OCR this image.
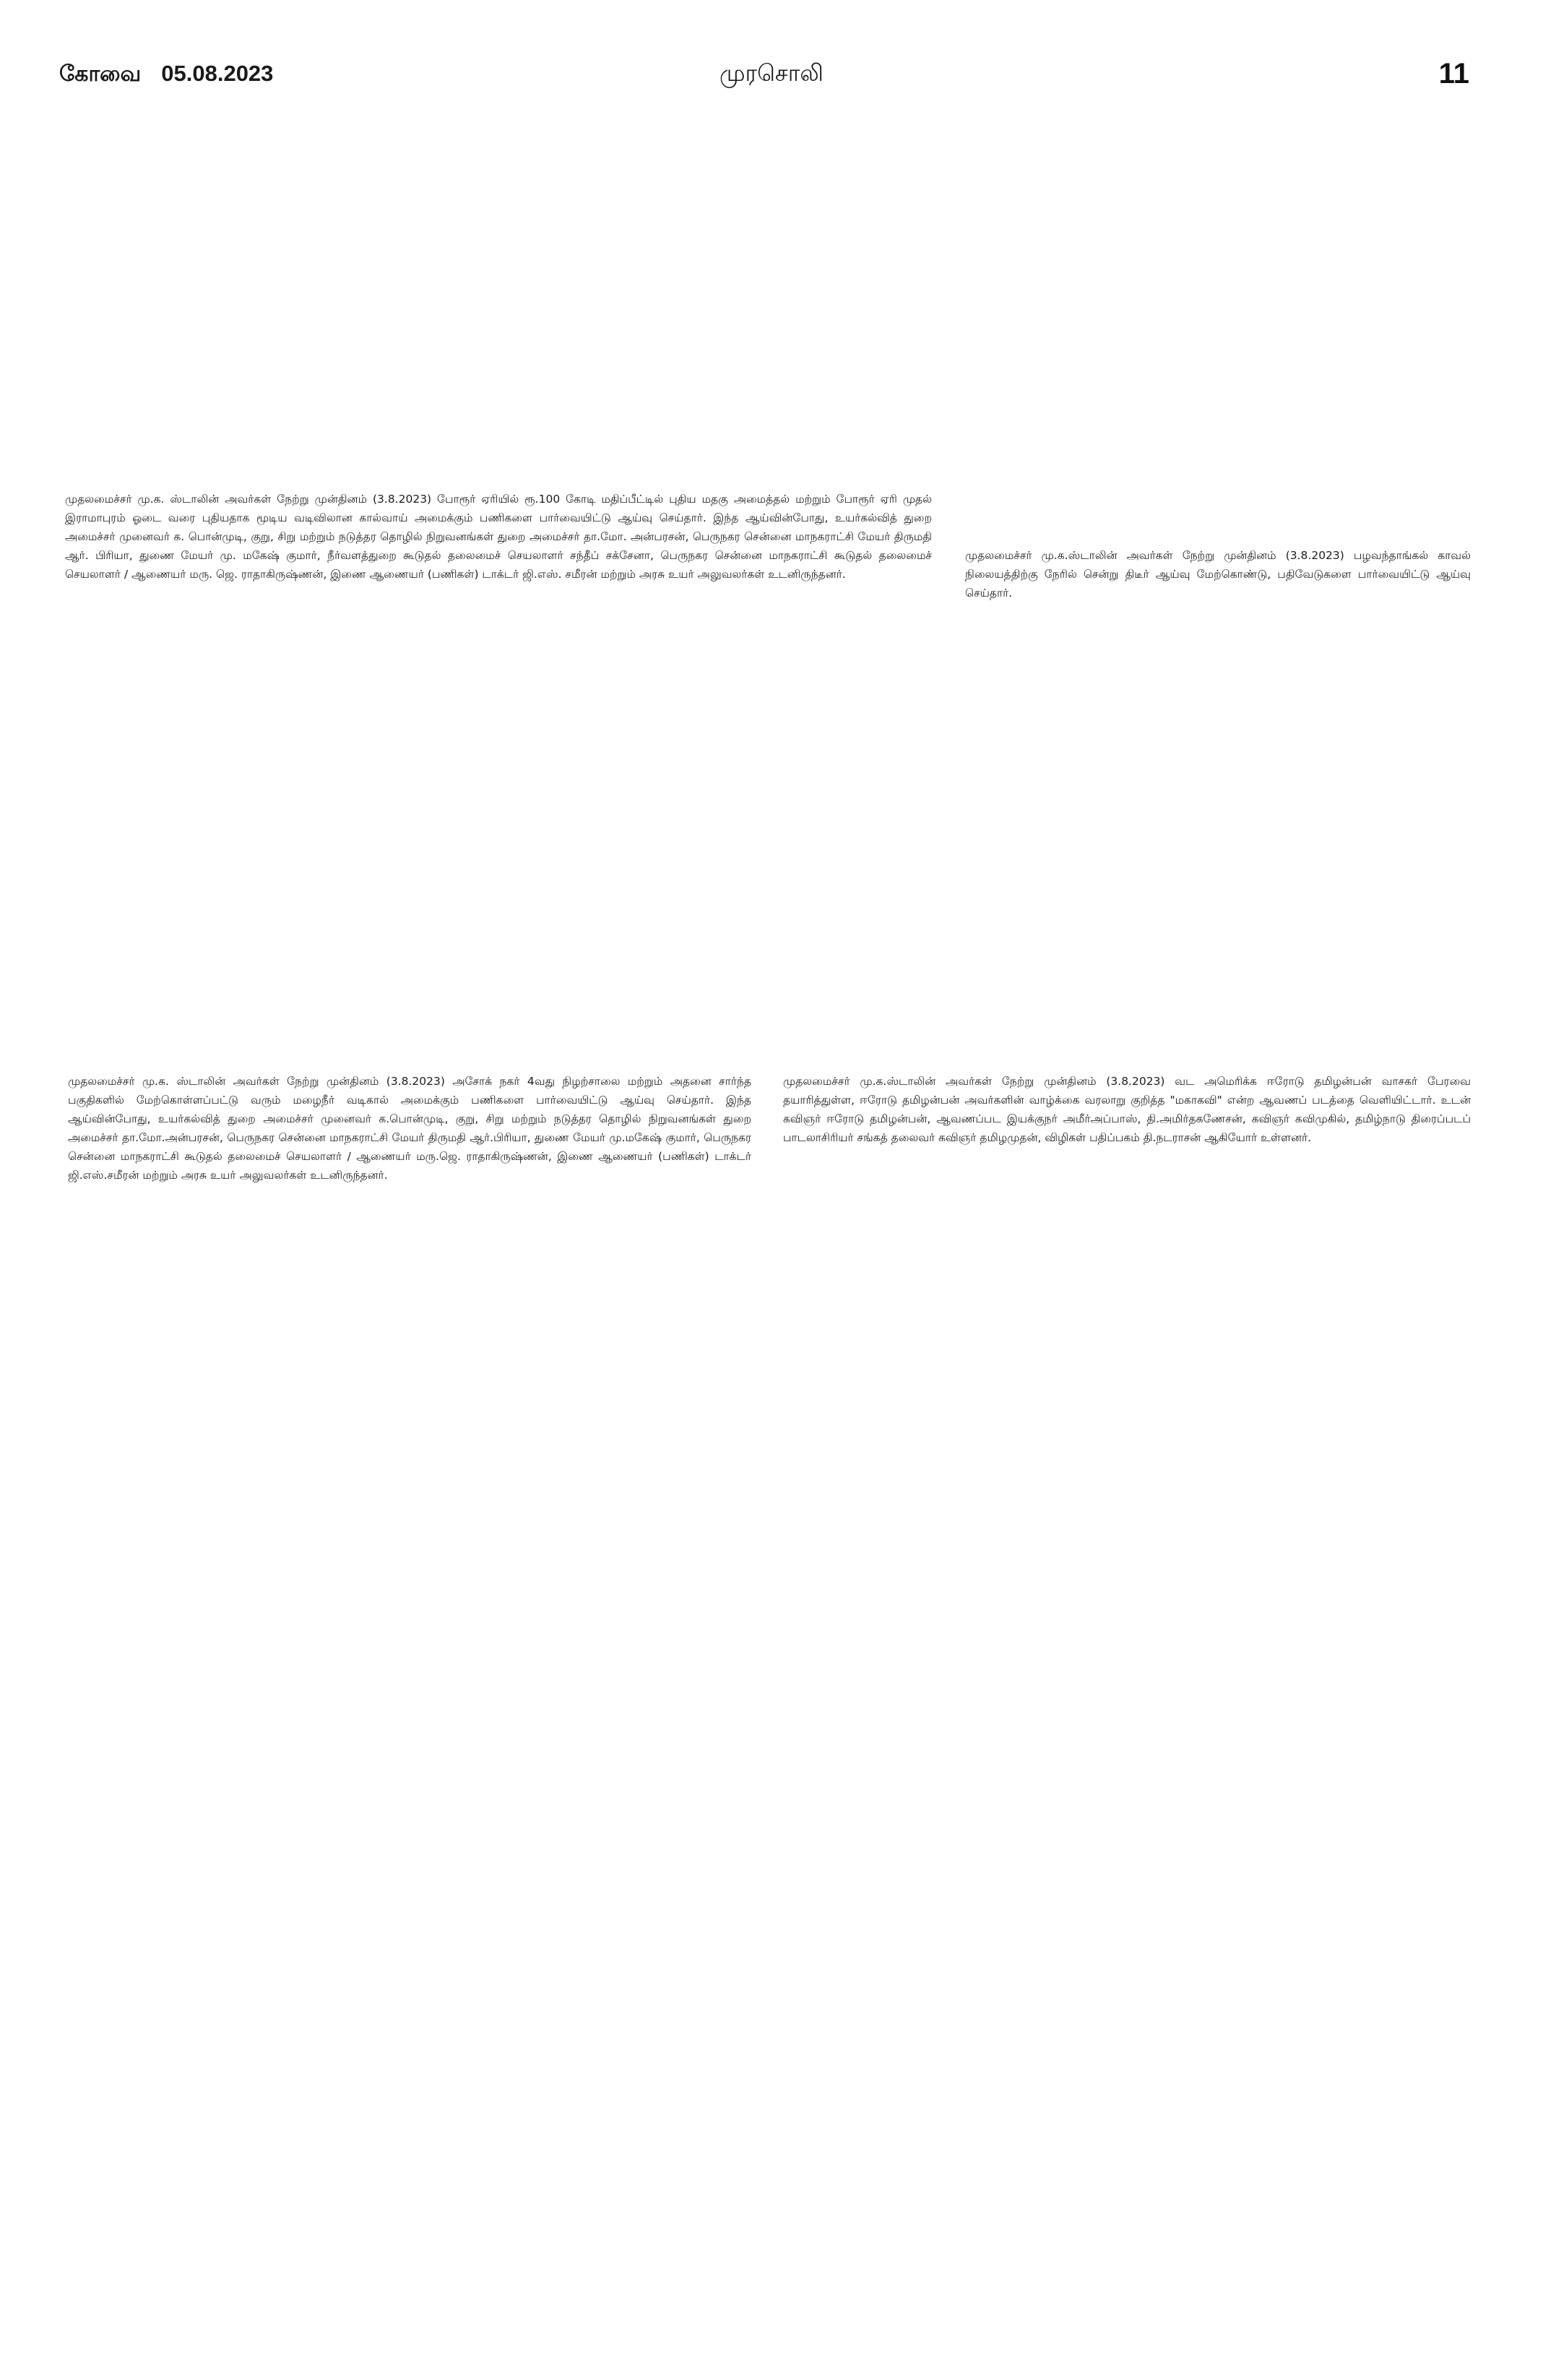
கோவை 05.08.2023	முரசொலி	11

முதலமைச்சர் மு.க. ஸ்டாலின் அவர்கள் நேற்று முன்தினம் (3.8.2023) போரூர் ஏரியில் ரூ.100 கோடி மதிப்பீட்டில் புதிய மதகு அமைத்தல் மற்றும் போரூர் ஏரி முதல் இராமாபுரம் ஓடை வரை புதியதாக மூடிய வடிவிலான கால்வாய் அமைக்கும் பணிகளை பார்வையிட்டு ஆய்வு செய்தார். இந்த ஆய்வின்போது, உயர்கல்வித் துறை அமைச்சர் முனைவர் க. பொன்முடி, குறு, சிறு மற்றும் நடுத்தர தொழில் நிறுவனங்கள் துறை அமைச்சர் தா.மோ. அன்பரசன், பெருநகர சென்னை மாநகராட்சி மேயர் திருமதி ஆர். பிரியா, துணை மேயர் மு. மகேஷ் குமார், நீர்வளத்துறை கூடுதல் தலைமைச் செயலாளர் சந்தீப் சக்சேனா, பெருநகர சென்னை மாநகராட்சி கூடுதல் தலைமைச் செயலாளர் / ஆணையர் மரு. ஜெ. ராதாகிருஷ்ணன், இணை ஆணையர் (பணிகள்) டாக்டர் ஜி.எஸ். சமீரன் மற்றும் அரசு உயர் அலுவலர்கள் உடனிருந்தனர்.

முதலமைச்சர் மு.க.ஸ்டாலின் அவர்கள் நேற்று முன்தினம் (3.8.2023) பழவந்தாங்கல் காவல் நிலையத்திற்கு நேரில் சென்று திடீர் ஆய்வு மேற்கொண்டு, பதிவேடுகளை பார்வையிட்டு ஆய்வு செய்தார்.

முதலமைச்சர் மு.க. ஸ்டாலின் அவர்கள் நேற்று முன்தினம் (3.8.2023) அசோக் நகர் 4வது நிழற்சாலை மற்றும் அதனை சார்ந்த பகுதிகளில் மேற்கொள்ளப்பட்டு வரும் மழைநீர் வடிகால் அமைக்கும் பணிகளை பார்வையிட்டு ஆய்வு செய்தார். இந்த ஆய்வின்போது, உயர்கல்வித் துறை அமைச்சர் முனைவர் க.பொன்முடி, குறு, சிறு மற்றும் நடுத்தர தொழில் நிறுவனங்கள் துறை அமைச்சர் தா.மோ.அன்பரசன், பெருநகர சென்னை மாநகராட்சி மேயர் திருமதி ஆர்.பிரியா, துணை மேயர் மு.மகேஷ் குமார், பெருநகர சென்னை மாநகராட்சி கூடுதல் தலைமைச் செயலாளர் / ஆணையர் மரு.ஜெ. ராதாகிருஷ்ணன், இணை ஆணையர் (பணிகள்) டாக்டர் ஜி.எஸ்.சமீரன் மற்றும் அரசு உயர் அலுவலர்கள் உடனிருந்தனர்.

முதலமைச்சர் மு.க.ஸ்டாலின் அவர்கள் நேற்று முன்தினம் (3.8.2023) வட அமெரிக்க ஈரோடு தமிழன்பன் வாசகர் பேரவை தயாரித்துள்ள, ஈரோடு தமிழன்பன் அவர்களின் வாழ்க்கை வரலாறு குறித்த "மகாகவி" என்ற ஆவணப் படத்தை வெளியிட்டார். உடன் கவிஞர் ஈரோடு தமிழன்பன், ஆவணப்பட இயக்குநர் அமீர்அப்பாஸ், தி.அமிர்தகணேசன், கவிஞர் கவிமுகில், தமிழ்நாடு திரைப்படப் பாடலாசிரியர் சங்கத் தலைவர் கவிஞர் தமிழமுதன், விழிகள் பதிப்பகம் தி.நடராசன் ஆகியோர் உள்ளனர்.
